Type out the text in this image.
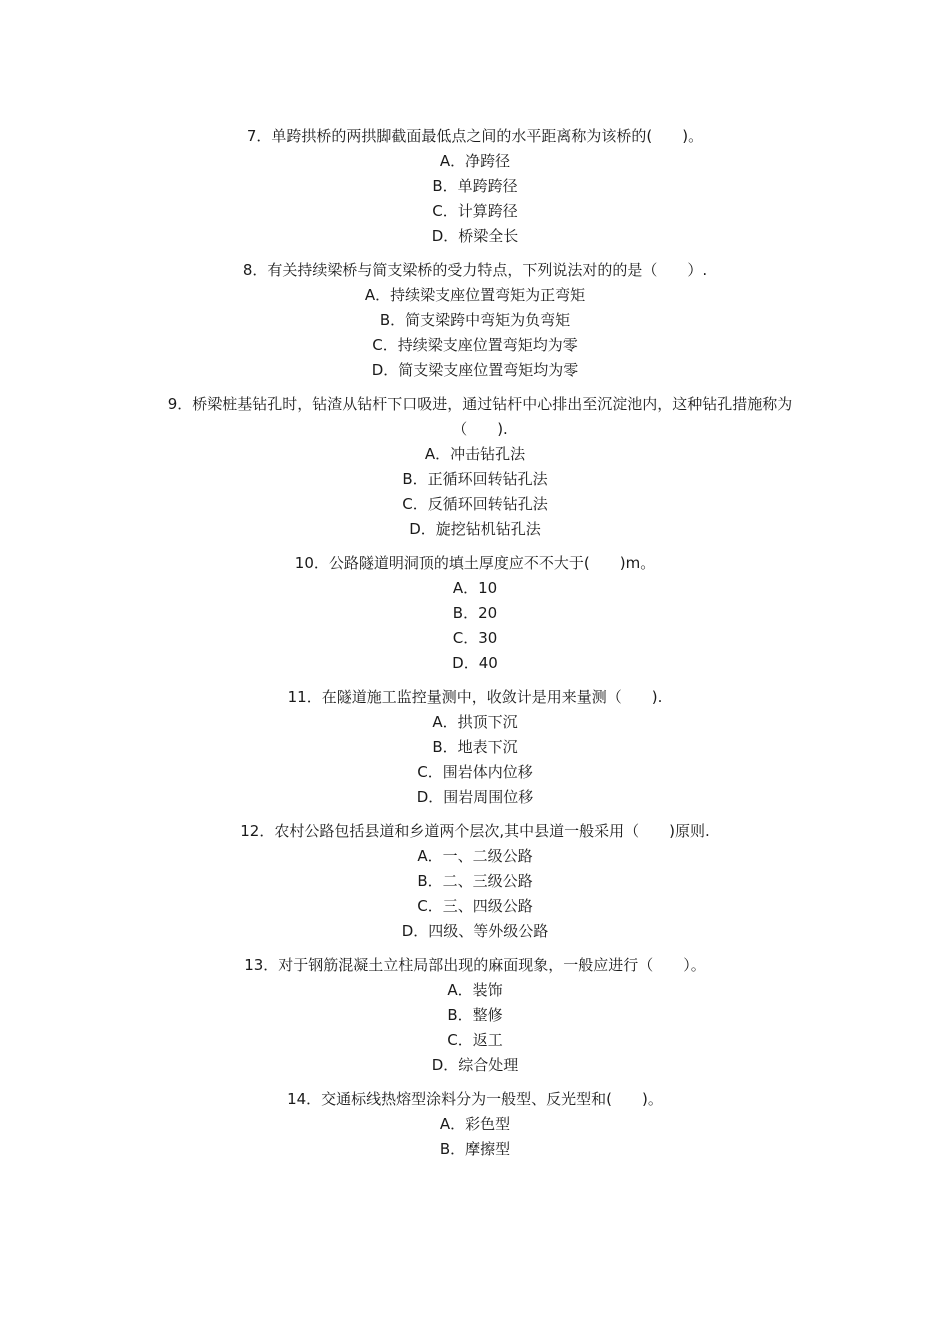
7．单跨拱桥的两拱脚截面最低点之间的水平距离称为该桥的(　　)。
A．净跨径
B．单跨跨径
C．计算跨径
D．桥梁全长
8．有关持续梁桥与简支梁桥的受力特点，下列说法对的的是（　　）.
A．持续梁支座位置弯矩为正弯矩
B．简支梁跨中弯矩为负弯矩
C．持续梁支座位置弯矩均为零
D．简支梁支座位置弯矩均为零
9．桥梁桩基钻孔时，钻渣从钻杆下口吸进，通过钻杆中心排出至沉淀池内，这种钻孔措施称为（　　).
A．冲击钻孔法
B．正循环回转钻孔法
C．反循环回转钻孔法
D．旋挖钻机钻孔法
10．公路隧道明洞顶的填土厚度应不不大于(　　)m。
A．10
B．20
C．30
D．40
11．在隧道施工监控量测中，收敛计是用来量测（　　).
A．拱顶下沉
B．地表下沉
C．围岩体内位移
D．围岩周围位移
12．农村公路包括县道和乡道两个层次,其中县道一般采用（　　)原则.
A．一、二级公路
B．二、三级公路
C．三、四级公路
D．四级、等外级公路
13．对于钢筋混凝土立柱局部出现的麻面现象，一般应进行（　　）。
A．装饰
B．整修
C．返工
D．综合处理
14．交通标线热熔型涂料分为一般型、反光型和(　　)。
A．彩色型
B．摩擦型
